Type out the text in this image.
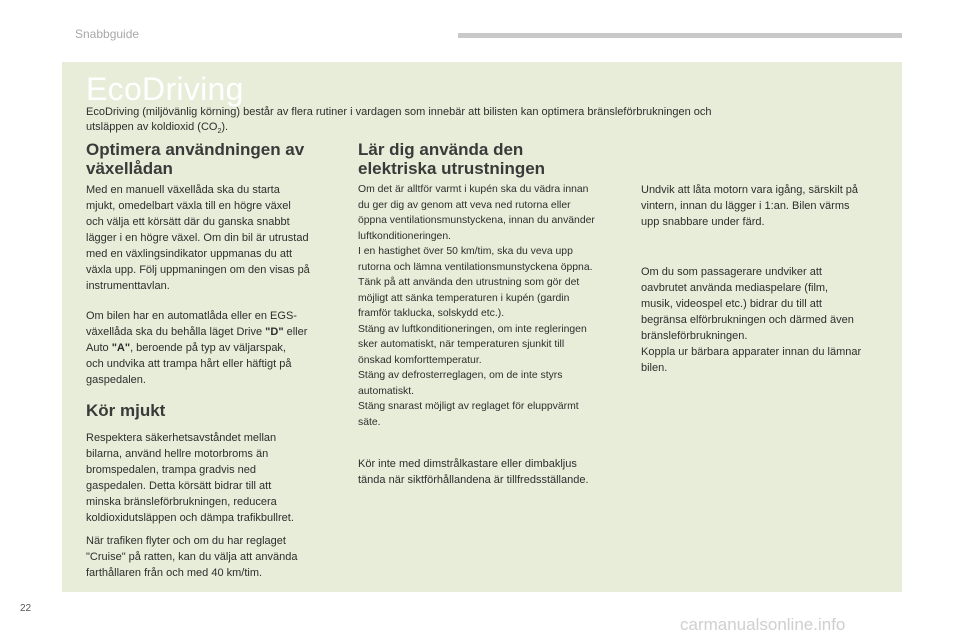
Snabbguide
EcoDriving
EcoDriving (miljövänlig körning) består av flera rutiner i vardagen som innebär att bilisten kan optimera bränsleförbrukningen och
utsläppen av koldioxid $(CO_2)$.
Optimera användningen av
växellådan
Med en manuell växellåda ska du starta
mjukt, omedelbart växla till en högre växel
och välja ett körsätt där du ganska snabbt
lägger i en högre växel. Om din bil är utrustad
med en växlingsindikator uppmanas du att
växla upp. Följ uppmaningen om den visas på
instrumenttavlan.
Om bilen har en automatlåda eller en EGS-
växellåda ska du behålla läget Drive "D" eller
Auto "A", beroende på typ av väljarspak,
och undvika att trampa hårt eller häftigt på
gaspedalen.
Kör mjukt
Respektera säkerhetsavståndet mellan
bilarna, använd hellre motorbroms än
bromspedalen, trampa gradvis ned
gaspedalen. Detta körsätt bidrar till att
minska bränsleförbrukningen, reducera
koldioxidutsläppen och dämpa trafikbullret.
När trafiken flyter och om du har reglaget
"Cruise" på ratten, kan du välja att använda
farthållaren från och med 40 km/tim.
Lär dig använda den
elektriska utrustningen
Om det är alltför varmt i kupén ska du vädra innan
du ger dig av genom att veva ned rutorna eller
öppna ventilationsmunstyckena, innan du använder
luftkonditioneringen.
I en hastighet över 50 km/tim, ska du veva upp
rutorna och lämna ventilationsmunstyckena öppna.
Tänk på att använda den utrustning som gör det
möjligt att sänka temperaturen i kupén (gardin
framför taklucka, solskydd etc.).
Stäng av luftkonditioneringen, om inte regleringen
sker automatiskt, när temperaturen sjunkit till
önskad komforttemperatur.
Stäng av defrosterreglagen, om de inte styrs
automatiskt.
Stäng snarast möjligt av reglaget för eluppvärmt
säte.
Kör inte med dimstrålkastare eller dimbakljus
tända när siktförhållandena är tillfredsställande.
Undvik att låta motorn vara igång, särskilt på
vintern, innan du lägger i 1:an. Bilen värms
upp snabbare under färd.
Om du som passagerare undviker att
oavbrutet använda mediaspelare (film,
musik, videospel etc.) bidrar du till att
begränsa elförbrukningen och därmed även
bränsleförbrukningen.
Koppla ur bärbara apparater innan du lämnar
bilen.
22
carmanualsonline.info
